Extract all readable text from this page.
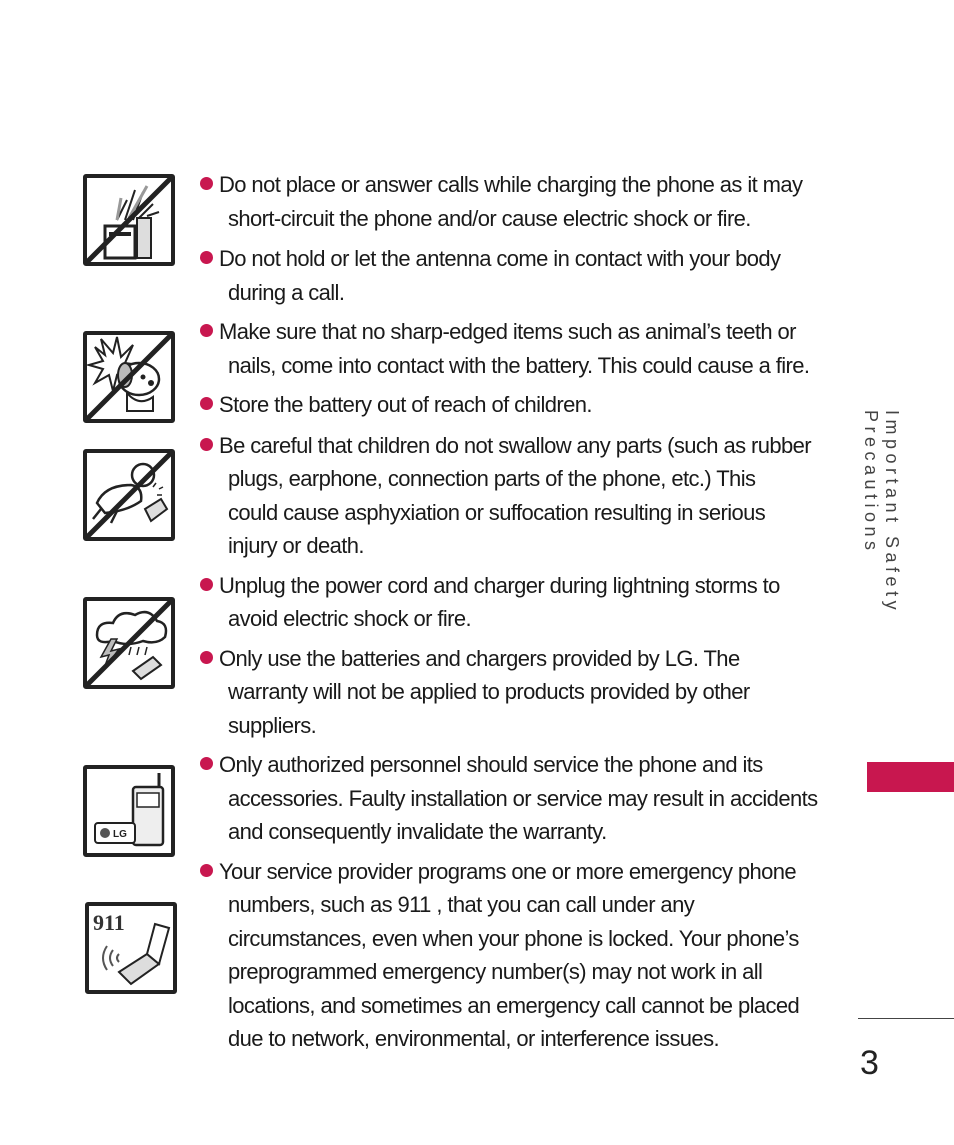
LG
911
Do not place or answer calls while charging the phone as it may
short-circuit the phone and/or cause electric shock or fire.
Do not hold or let the antenna come in contact with your body
during a call.
Make sure that no sharp-edged items such as animal’s teeth or
nails, come into contact with the battery. This could cause a fire.
Store the battery out of reach of children.
Be careful that children do not swallow any parts (such as rubber
plugs, earphone, connection parts of the phone, etc.) This could cause asphyxiation or suffocation resulting in serious injury or death.
Unplug the power cord and charger during lightning storms to
avoid electric shock or fire.
Only use the batteries and chargers provided by LG. The
warranty will not be applied to products provided by other suppliers.
Only authorized personnel should service the phone and its
accessories. Faulty installation or service may result in accidents and consequently invalidate the warranty.
Your service provider programs one or more emergency phone
numbers, such as 911 , that you can call under any circumstances, even when your phone is locked. Your phone’s preprogrammed emergency number(s) may not work in all locations, and sometimes an emergency call cannot be placed due to network, environmental, or interference issues.
Important Safety Precautions
3
